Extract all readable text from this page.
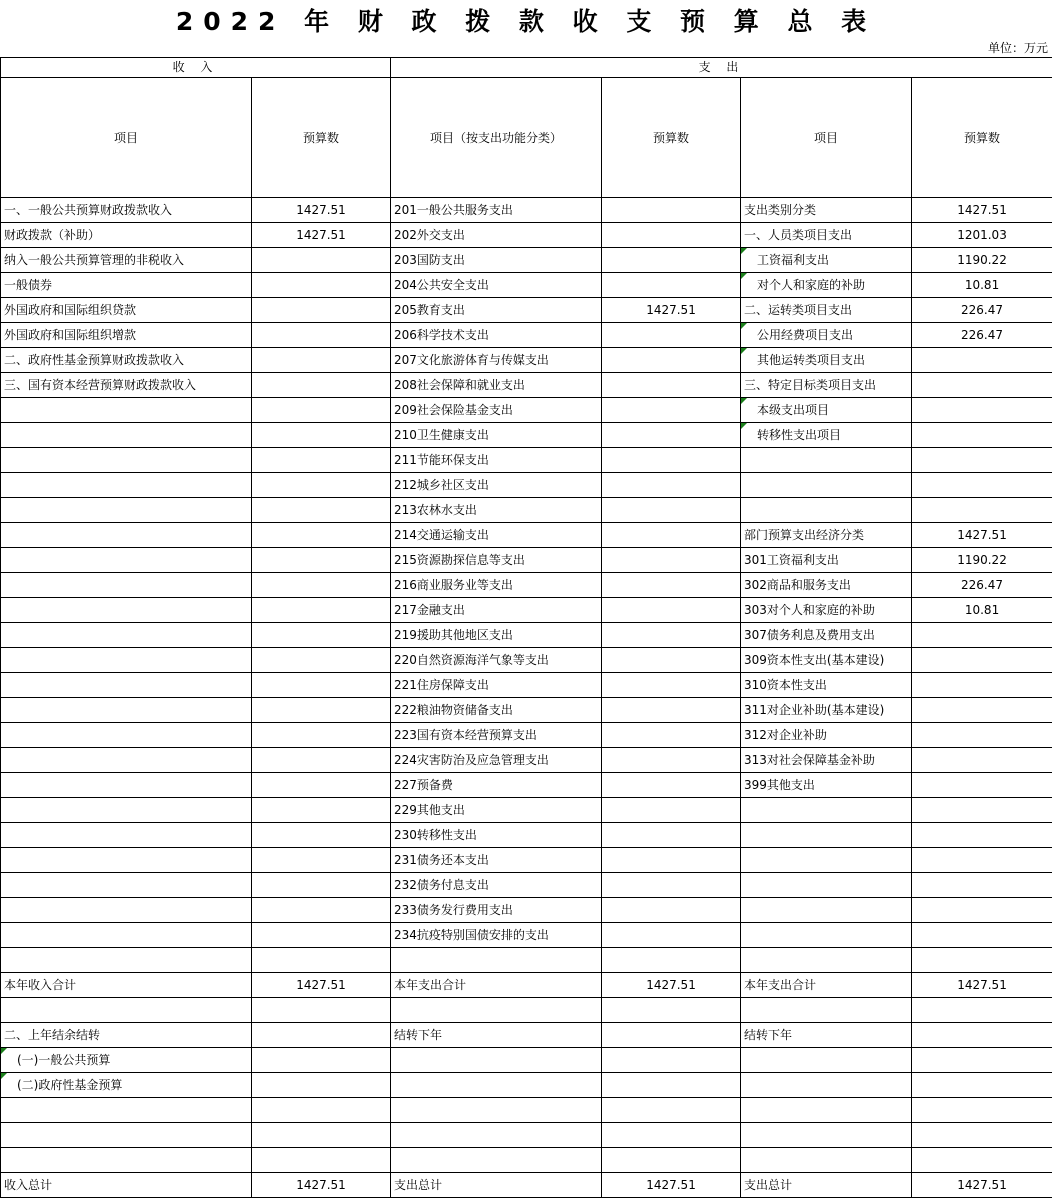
2022 年 财 政 拨 款 收 支 预 算 总 表
单位：万元
收 入		支 出			
项目	预算数	项目（按支出功能分类）	预算数	项目	预算数
一、一般公共预算财政拨款收入	1427.51	201一般公共服务支出		支出类别分类	1427.51
财政拨款（补助）	1427.51	202外交支出		一、人员类项目支出	1201.03
纳入一般公共预算管理的非税收入		203国防支出		工资福利支出	1190.22
一般债券		204公共安全支出		对个人和家庭的补助	10.81
外国政府和国际组织贷款		205教育支出	1427.51	二、运转类项目支出	226.47
外国政府和国际组织增款		206科学技术支出		公用经费项目支出	226.47
二、政府性基金预算财政拨款收入		207文化旅游体育与传媒支出		其他运转类项目支出	
三、国有资本经营预算财政拨款收入		208社会保障和就业支出		三、特定目标类项目支出	
		209社会保险基金支出		本级支出项目	
		210卫生健康支出		转移性支出项目	
		211节能环保支出			
		212城乡社区支出			
		213农林水支出			
		214交通运输支出		部门预算支出经济分类	1427.51
		215资源勘探信息等支出		301工资福利支出	1190.22
		216商业服务业等支出		302商品和服务支出	226.47
		217金融支出		303对个人和家庭的补助	10.81
		219援助其他地区支出		307债务利息及费用支出	
		220自然资源海洋气象等支出		309资本性支出(基本建设)	
		221住房保障支出		310资本性支出	
		222粮油物资储备支出		311对企业补助(基本建设)	
		223国有资本经营预算支出		312对企业补助	
		224灾害防治及应急管理支出		313对社会保障基金补助	
		227预备费		399其他支出	
		229其他支出			
		230转移性支出			
		231债务还本支出			
		232债务付息支出			
		233债务发行费用支出			
		234抗疫特别国债安排的支出			

本年收入合计	1427.51	本年支出合计	1427.51	本年支出合计	1427.51

二、上年结余结转		结转下年		结转下年	
(一)一般公共预算					
(二)政府性基金预算					

收入总计	1427.51	支出总计	1427.51	支出总计	1427.51
